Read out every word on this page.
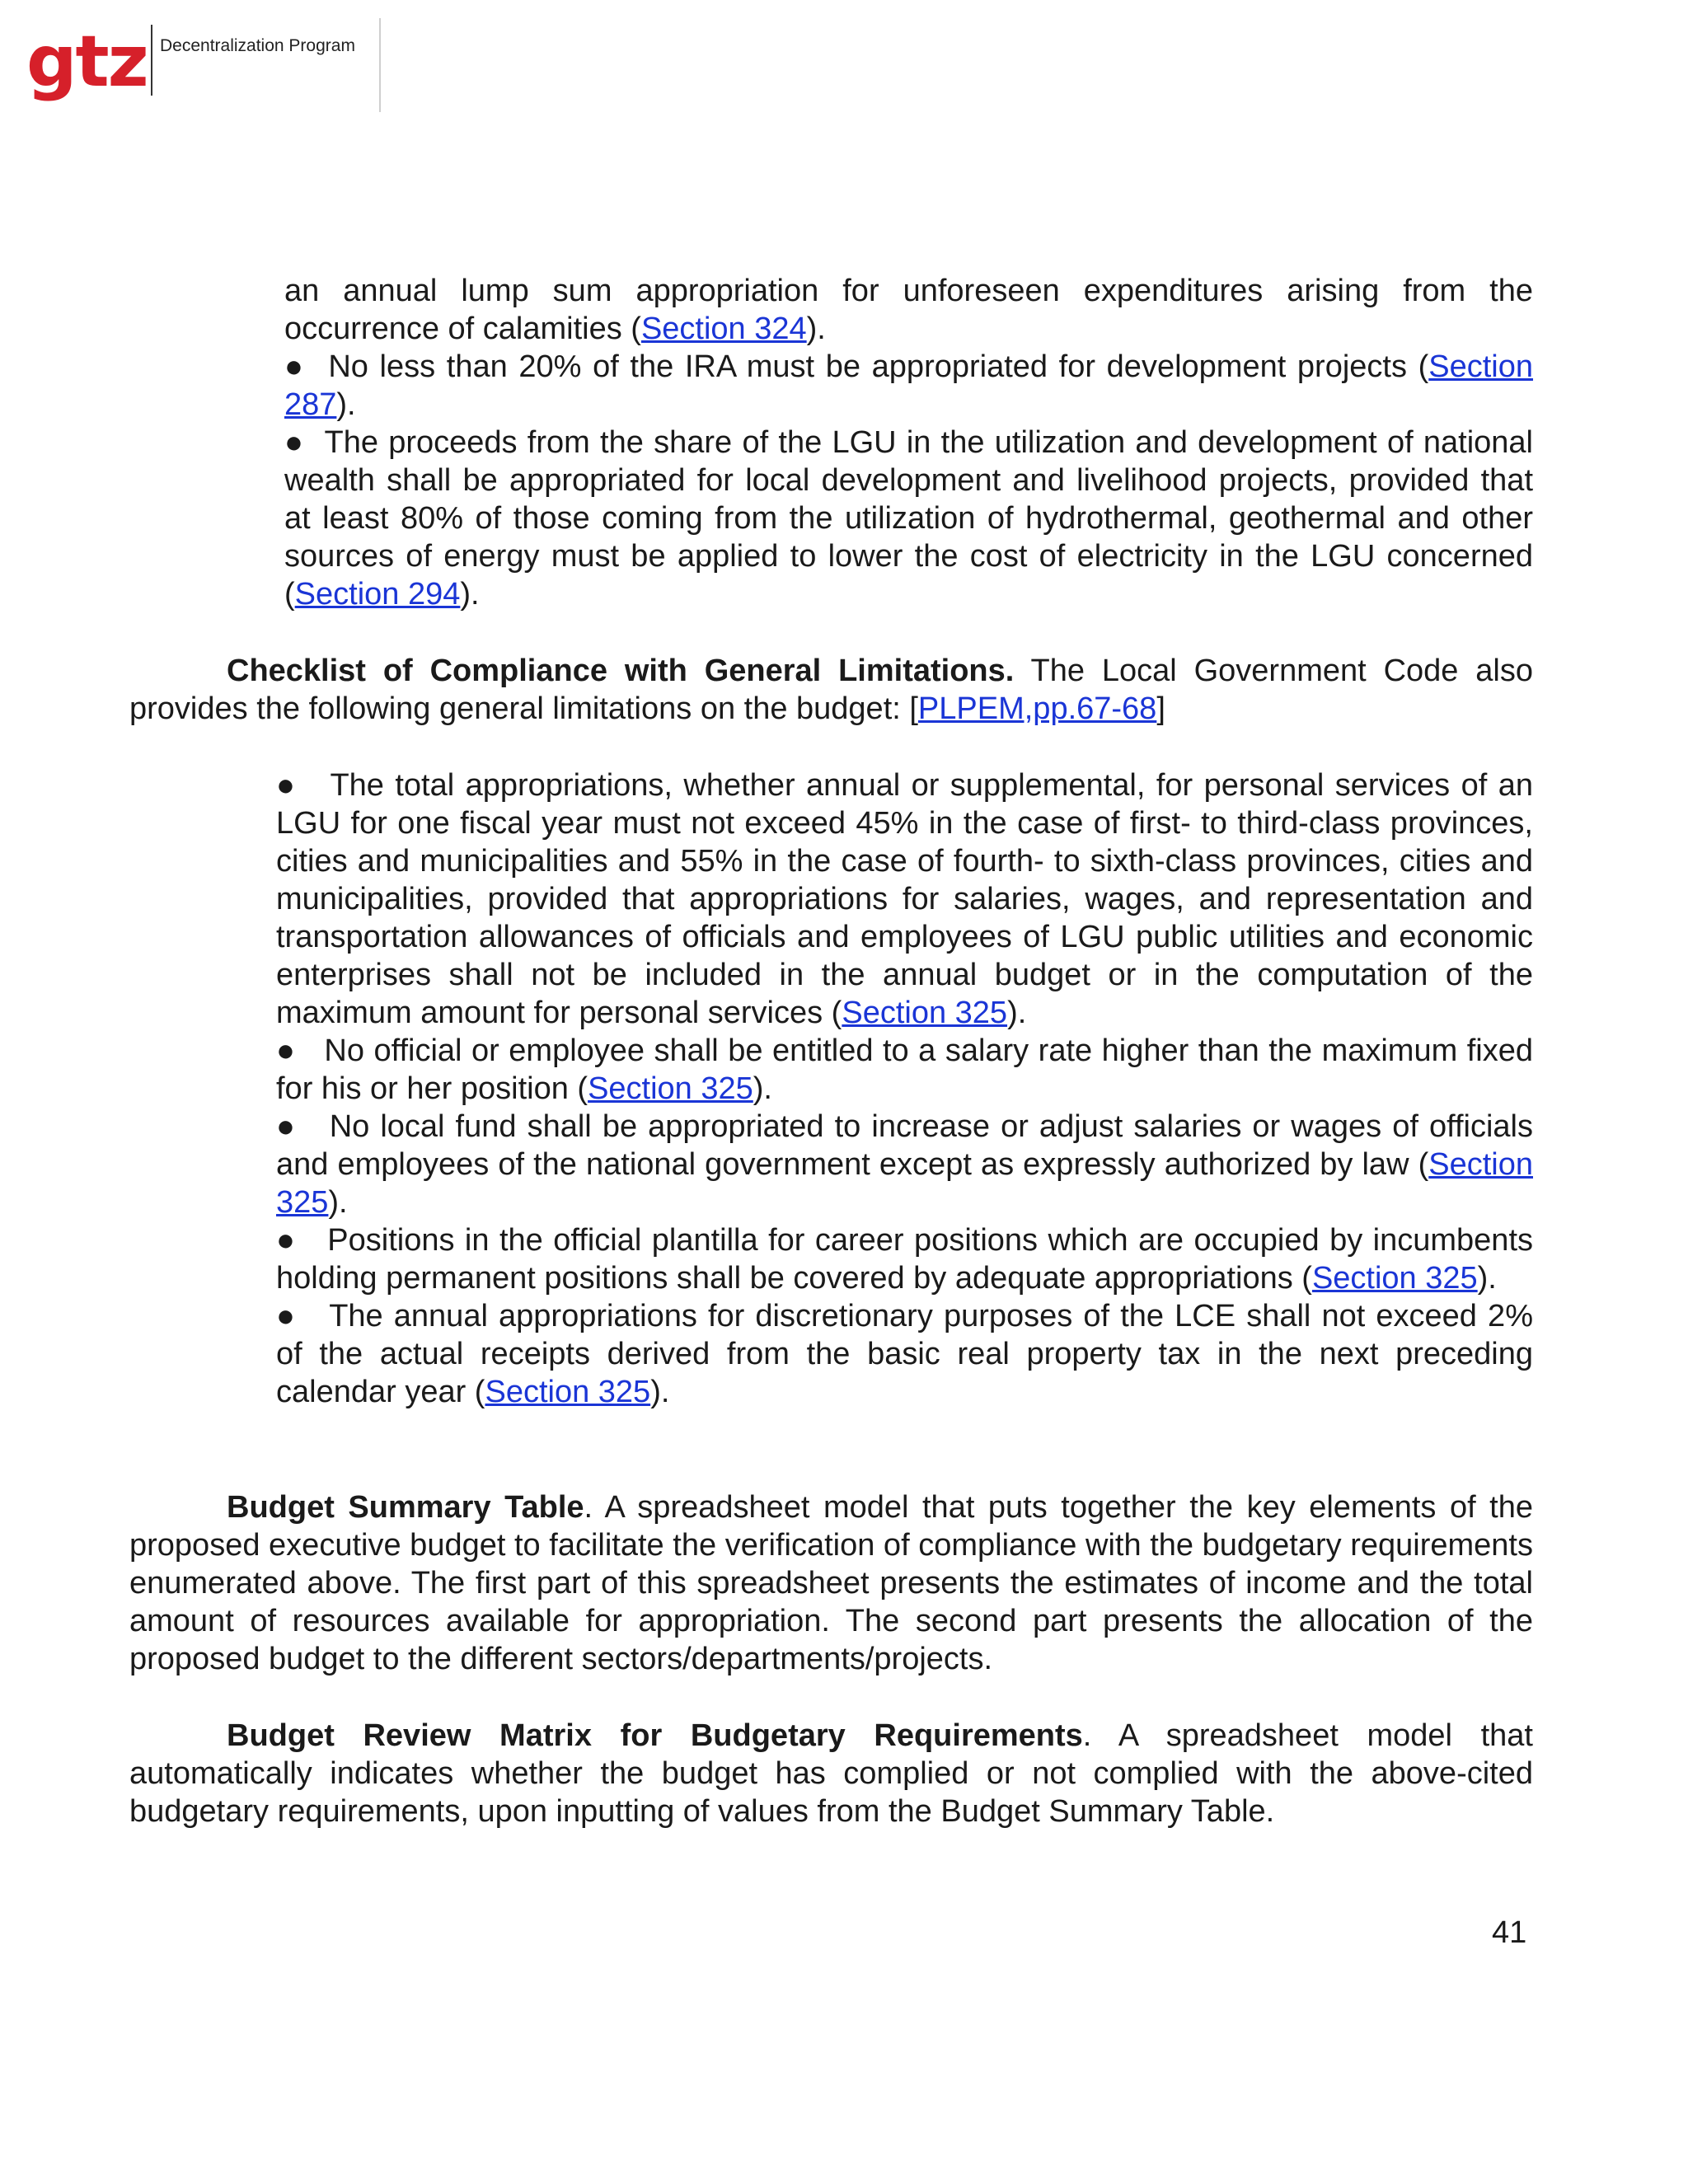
gtz Decentralization Program

an annual lump sum appropriation for unforeseen expenditures arising from the occurrence of calamities (Section 324).

● No less than 20% of the IRA must be appropriated for development projects (Section 287).

● The proceeds from the share of the LGU in the utilization and development of national wealth shall be appropriated for local development and livelihood projects, provided that at least 80% of those coming from the utilization of hydrothermal, geothermal and other sources of energy must be applied to lower the cost of electricity in the LGU concerned (Section 294).

Checklist of Compliance with General Limitations. The Local Government Code also provides the following general limitations on the budget: [PLPEM,pp.67-68]

● The total appropriations, whether annual or supplemental, for personal services of an LGU for one fiscal year must not exceed 45% in the case of first- to third-class provinces, cities and municipalities and 55% in the case of fourth- to sixth-class provinces, cities and municipalities, provided that appropriations for salaries, wages, and representation and transportation allowances of officials and employees of LGU public utilities and economic enterprises shall not be included in the annual budget or in the computation of the maximum amount for personal services (Section 325).

● No official or employee shall be entitled to a salary rate higher than the maximum fixed for his or her position (Section 325).

● No local fund shall be appropriated to increase or adjust salaries or wages of officials and employees of the national government except as expressly authorized by law (Section 325).

● Positions in the official plantilla for career positions which are occupied by incumbents holding permanent positions shall be covered by adequate appropriations (Section 325).

● The annual appropriations for discretionary purposes of the LCE shall not exceed 2% of the actual receipts derived from the basic real property tax in the next preceding calendar year (Section 325).

Budget Summary Table. A spreadsheet model that puts together the key elements of the proposed executive budget to facilitate the verification of compliance with the budgetary requirements enumerated above. The first part of this spreadsheet presents the estimates of income and the total amount of resources available for appropriation. The second part presents the allocation of the proposed budget to the different sectors/departments/projects.

Budget Review Matrix for Budgetary Requirements. A spreadsheet model that automatically indicates whether the budget has complied or not complied with the above-cited budgetary requirements, upon inputting of values from the Budget Summary Table.

41
